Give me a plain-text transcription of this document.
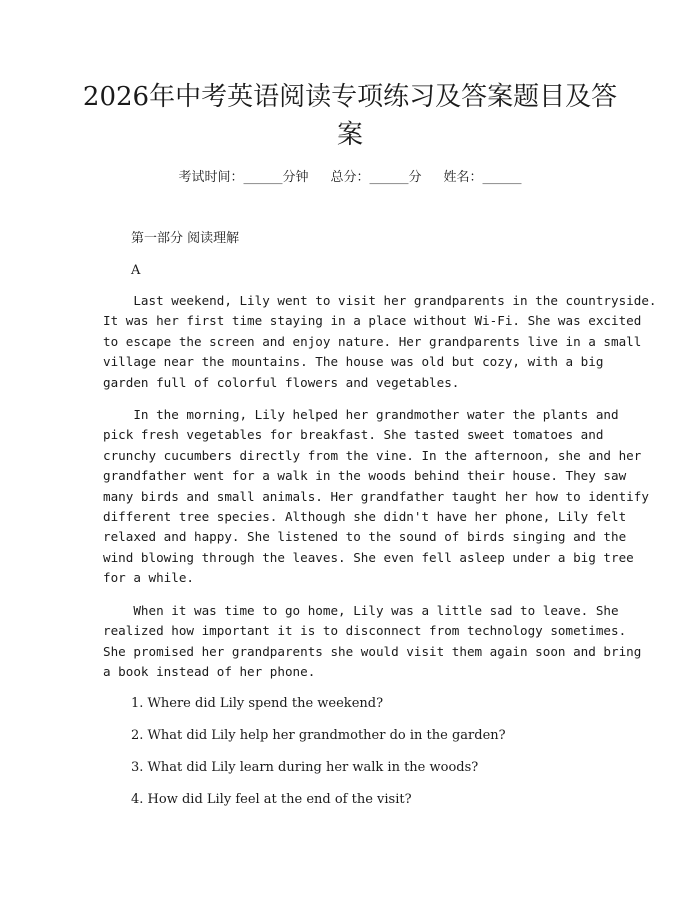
2026年中考英语阅读专项练习及答案题目及答案
考试时间：______分钟 总分：______分 姓名：______
第一部分 阅读理解
A

Last weekend, Lily went to visit her grandparents in the countryside.
It was her first time staying in a place without Wi-Fi. She was excited
to escape the screen and enjoy nature. Her grandparents live in a small
village near the mountains. The house was old but cozy, with a big
garden full of colorful flowers and vegetables.

In the morning, Lily helped her grandmother water the plants and
pick fresh vegetables for breakfast. She tasted sweet tomatoes and
crunchy cucumbers directly from the vine. In the afternoon, she and her
grandfather went for a walk in the woods behind their house. They saw
many birds and small animals. Her grandfather taught her how to identify
different tree species. Although she didn't have her phone, Lily felt
relaxed and happy. She listened to the sound of birds singing and the
wind blowing through the leaves. She even fell asleep under a big tree
for a while.

When it was time to go home, Lily was a little sad to leave. She
realized how important it is to disconnect from technology sometimes.
She promised her grandparents she would visit them again soon and bring
a book instead of her phone.

1. Where did Lily spend the weekend?
2. What did Lily help her grandmother do in the garden?
3. What did Lily learn during her walk in the woods?
4. How did Lily feel at the end of the visit?
